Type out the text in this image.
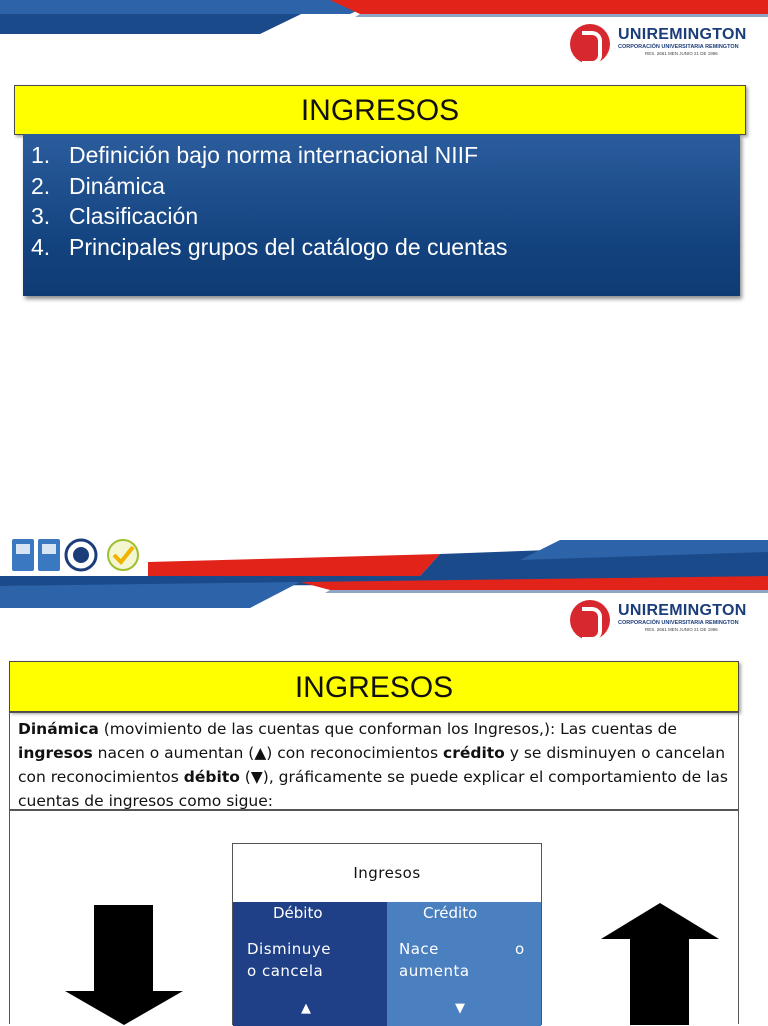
UNIREMINGTON
CORPORACIÓN UNIVERSITARIA REMINGTON
RES. 2661 MEN JUNIO 21 DE 1996
INGRESOS
1. Definición bajo norma internacional NIIF
2. Dinámica
3. Clasificación
4. Principales grupos del catálogo de cuentas
UNIREMINGTON
CORPORACIÓN UNIVERSITARIA REMINGTON
RES. 2661 MEN JUNIO 21 DE 1996
INGRESOS
Dinámica (movimiento de las cuentas que conforman los Ingresos,): Las cuentas de ingresos nacen o aumentan (▲) con reconocimientos crédito y se disminuyen o cancelan con reconocimientos débito (▼), gráficamente se puede explicar el comportamiento de las cuentas de ingresos como sigue:
Ingresos
Débito
Disminuye
o cancela
▲
Crédito
Nace	o
aumenta
▼
